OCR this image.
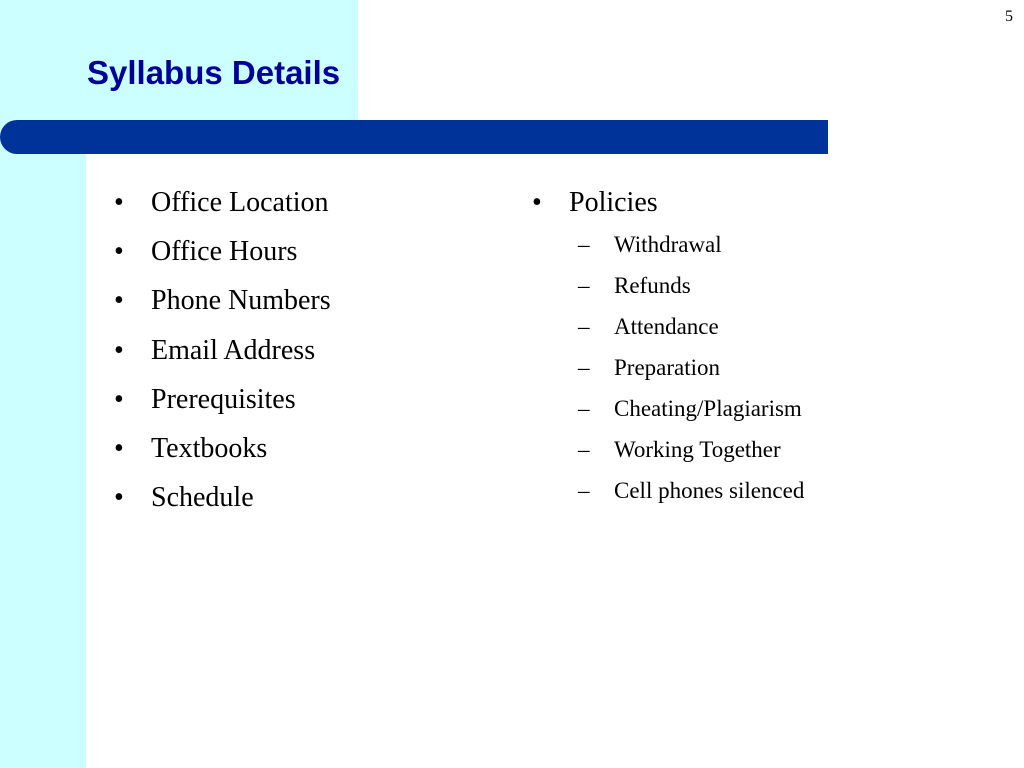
5
Syllabus Details
• Office Location
• Office Hours
• Phone Numbers
• Email Address
• Prerequisites
• Textbooks
• Schedule
• Policies
– Withdrawal
– Refunds
– Attendance
– Preparation
– Cheating/Plagiarism
– Working Together
– Cell phones silenced
